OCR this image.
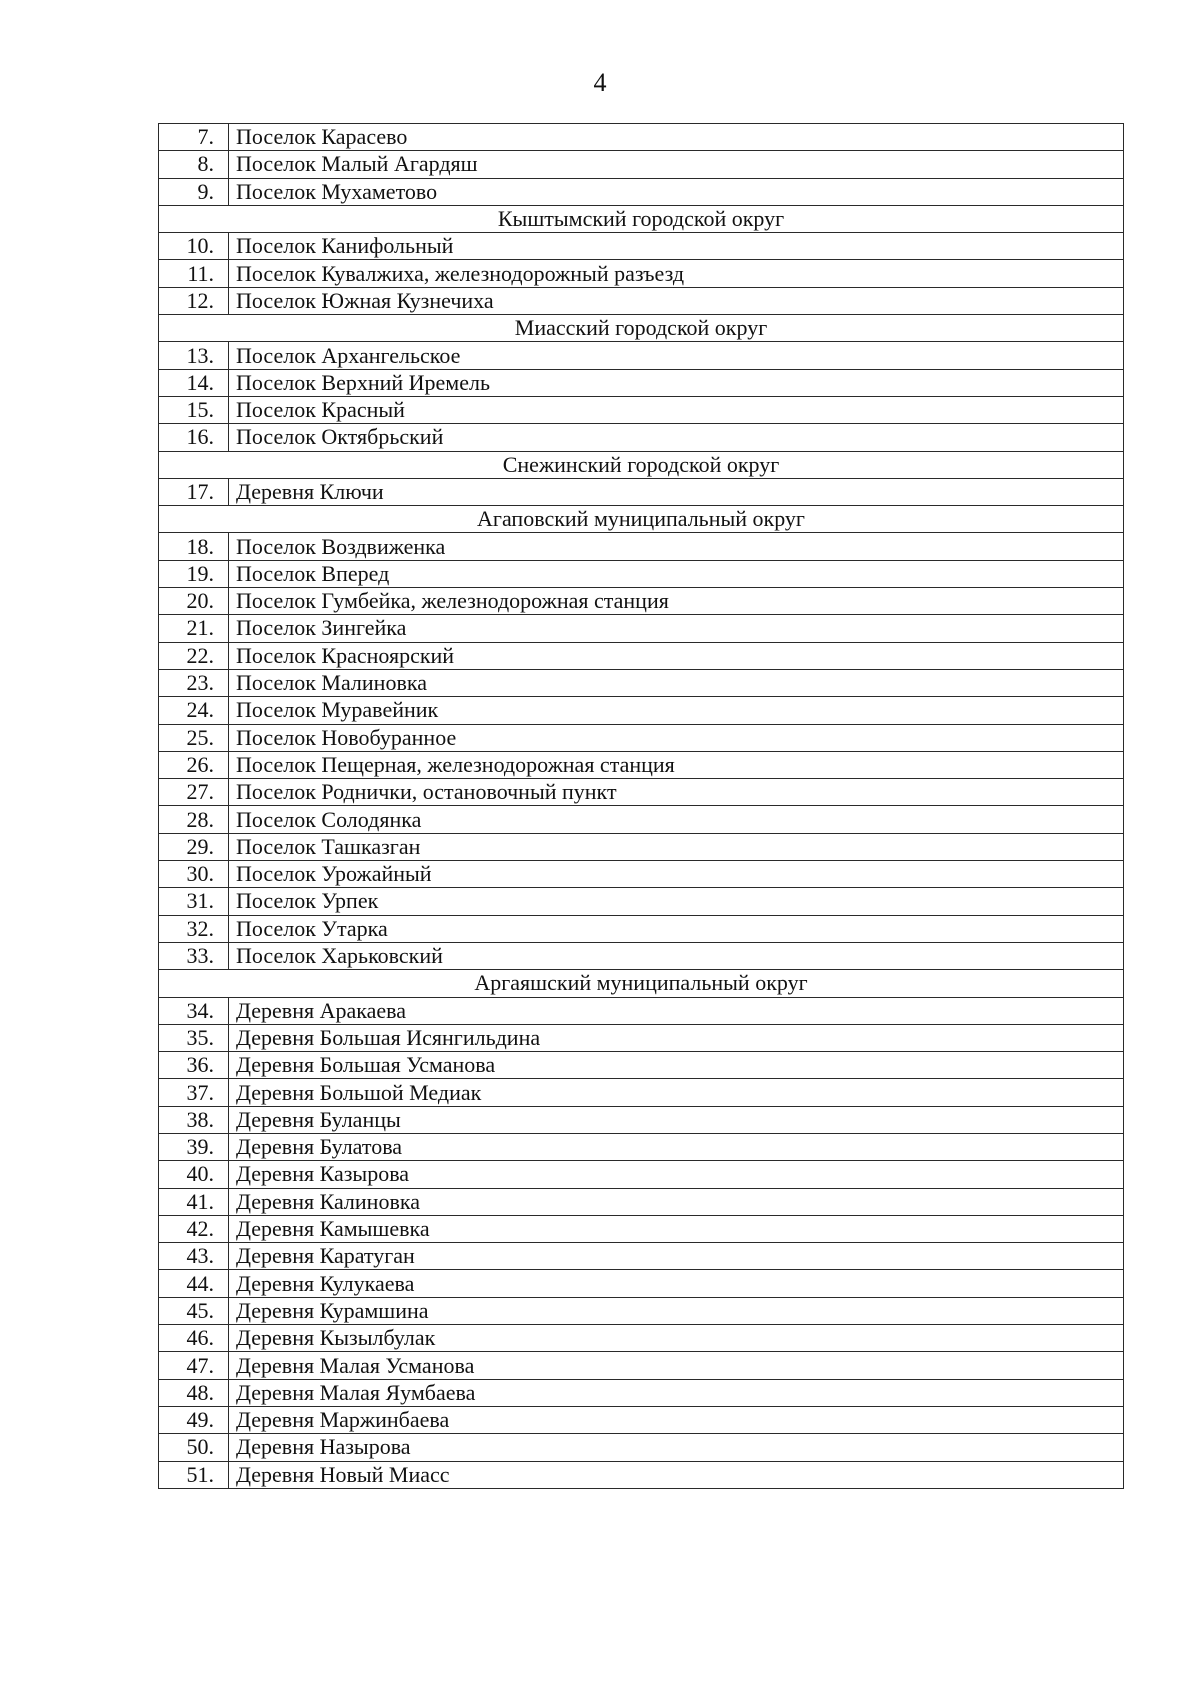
4
7.	Поселок Карасево
8.	Поселок Малый Агардяш
9.	Поселок Мухаметово
Кыштымский городской округ	
10.	Поселок Канифольный
11.	Поселок Кувалжиха, железнодорожный разъезд
12.	Поселок Южная Кузнечиха
Миасский городской округ	
13.	Поселок Архангельское
14.	Поселок Верхний Иремель
15.	Поселок Красный
16.	Поселок Октябрьский
Снежинский городской округ	
17.	Деревня Ключи
Агаповский муниципальный округ	
18.	Поселок Воздвиженка
19.	Поселок Вперед
20.	Поселок Гумбейка, железнодорожная станция
21.	Поселок Зингейка
22.	Поселок Красноярский
23.	Поселок Малиновка
24.	Поселок Муравейник
25.	Поселок Новобуранное
26.	Поселок Пещерная, железнодорожная станция
27.	Поселок Роднички, остановочный пункт
28.	Поселок Солодянка
29.	Поселок Ташказган
30.	Поселок Урожайный
31.	Поселок Урпек
32.	Поселок Утарка
33.	Поселок Харьковский
Аргаяшский муниципальный округ	
34.	Деревня Аракаева
35.	Деревня Большая Исянгильдина
36.	Деревня Большая Усманова
37.	Деревня Большой Медиак
38.	Деревня Буланцы
39.	Деревня Булатова
40.	Деревня Казырова
41.	Деревня Калиновка
42.	Деревня Камышевка
43.	Деревня Каратуган
44.	Деревня Кулукаева
45.	Деревня Курамшина
46.	Деревня Кызылбулак
47.	Деревня Малая Усманова
48.	Деревня Малая Яумбаева
49.	Деревня Маржинбаева
50.	Деревня Назырова
51.	Деревня Новый Миасс
